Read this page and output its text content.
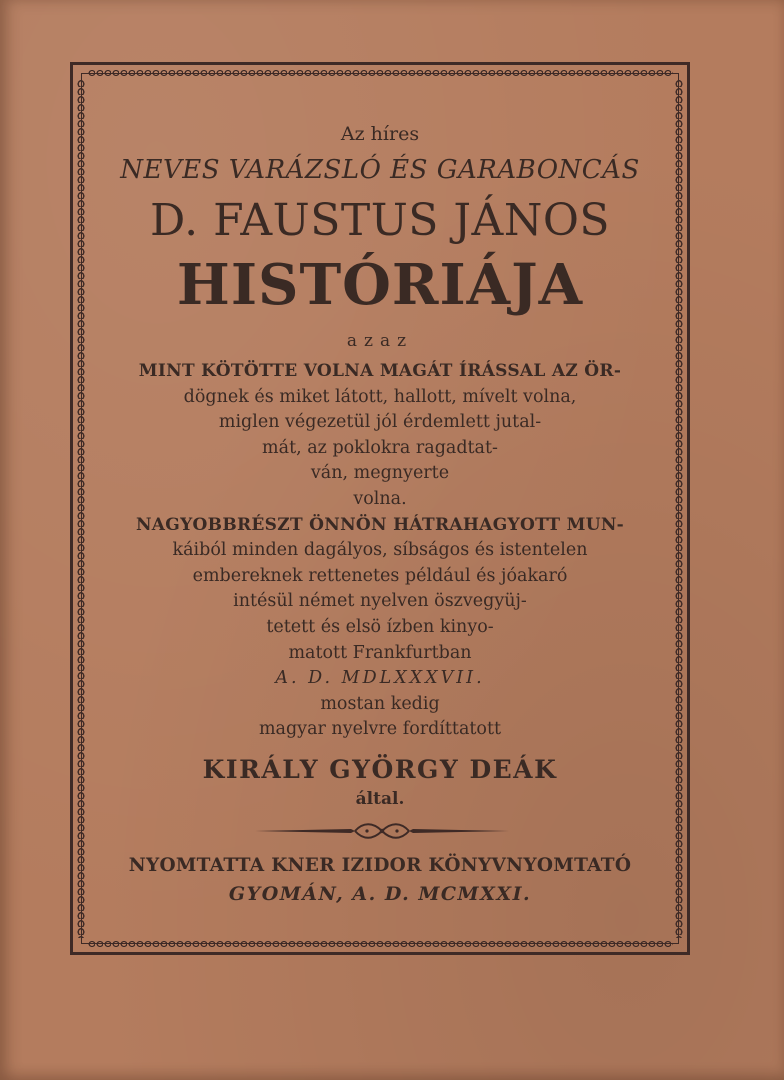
Az híres
NEVES VARÁZSLÓ ÉS GARABONCÁS
D. FAUSTUS JÁNOS
HISTÓRIÁJA
azaz
MINT KÖTÖTTE VOLNA MAGÁT ÍRÁSSAL AZ ÖR-
dögnek és miket látott, hallott, mívelt volna,
miglen végezetül jól érdemlett jutal-
mát, az poklokra ragadtat-
ván, megnyerte
volna.
NAGYOBBRÉSZT ÖNNÖN HÁTRAHAGYOTT MUN-
káiból minden dagályos, síbságos és istentelen
embereknek rettenetes például és jóakaró
intésül német nyelven öszvegyüj-
tetett és elsö ízben kinyo-
matott Frankfurtban
A. D. MDLXXXVII.
mostan kedig
magyar nyelvre fordíttatott
KIRÁLY GYÖRGY DEÁK
által.
NYOMTATTA KNER IZIDOR KÖNYVNYOMTATÓ
GYOMÁN, A. D. MCMXXI.
